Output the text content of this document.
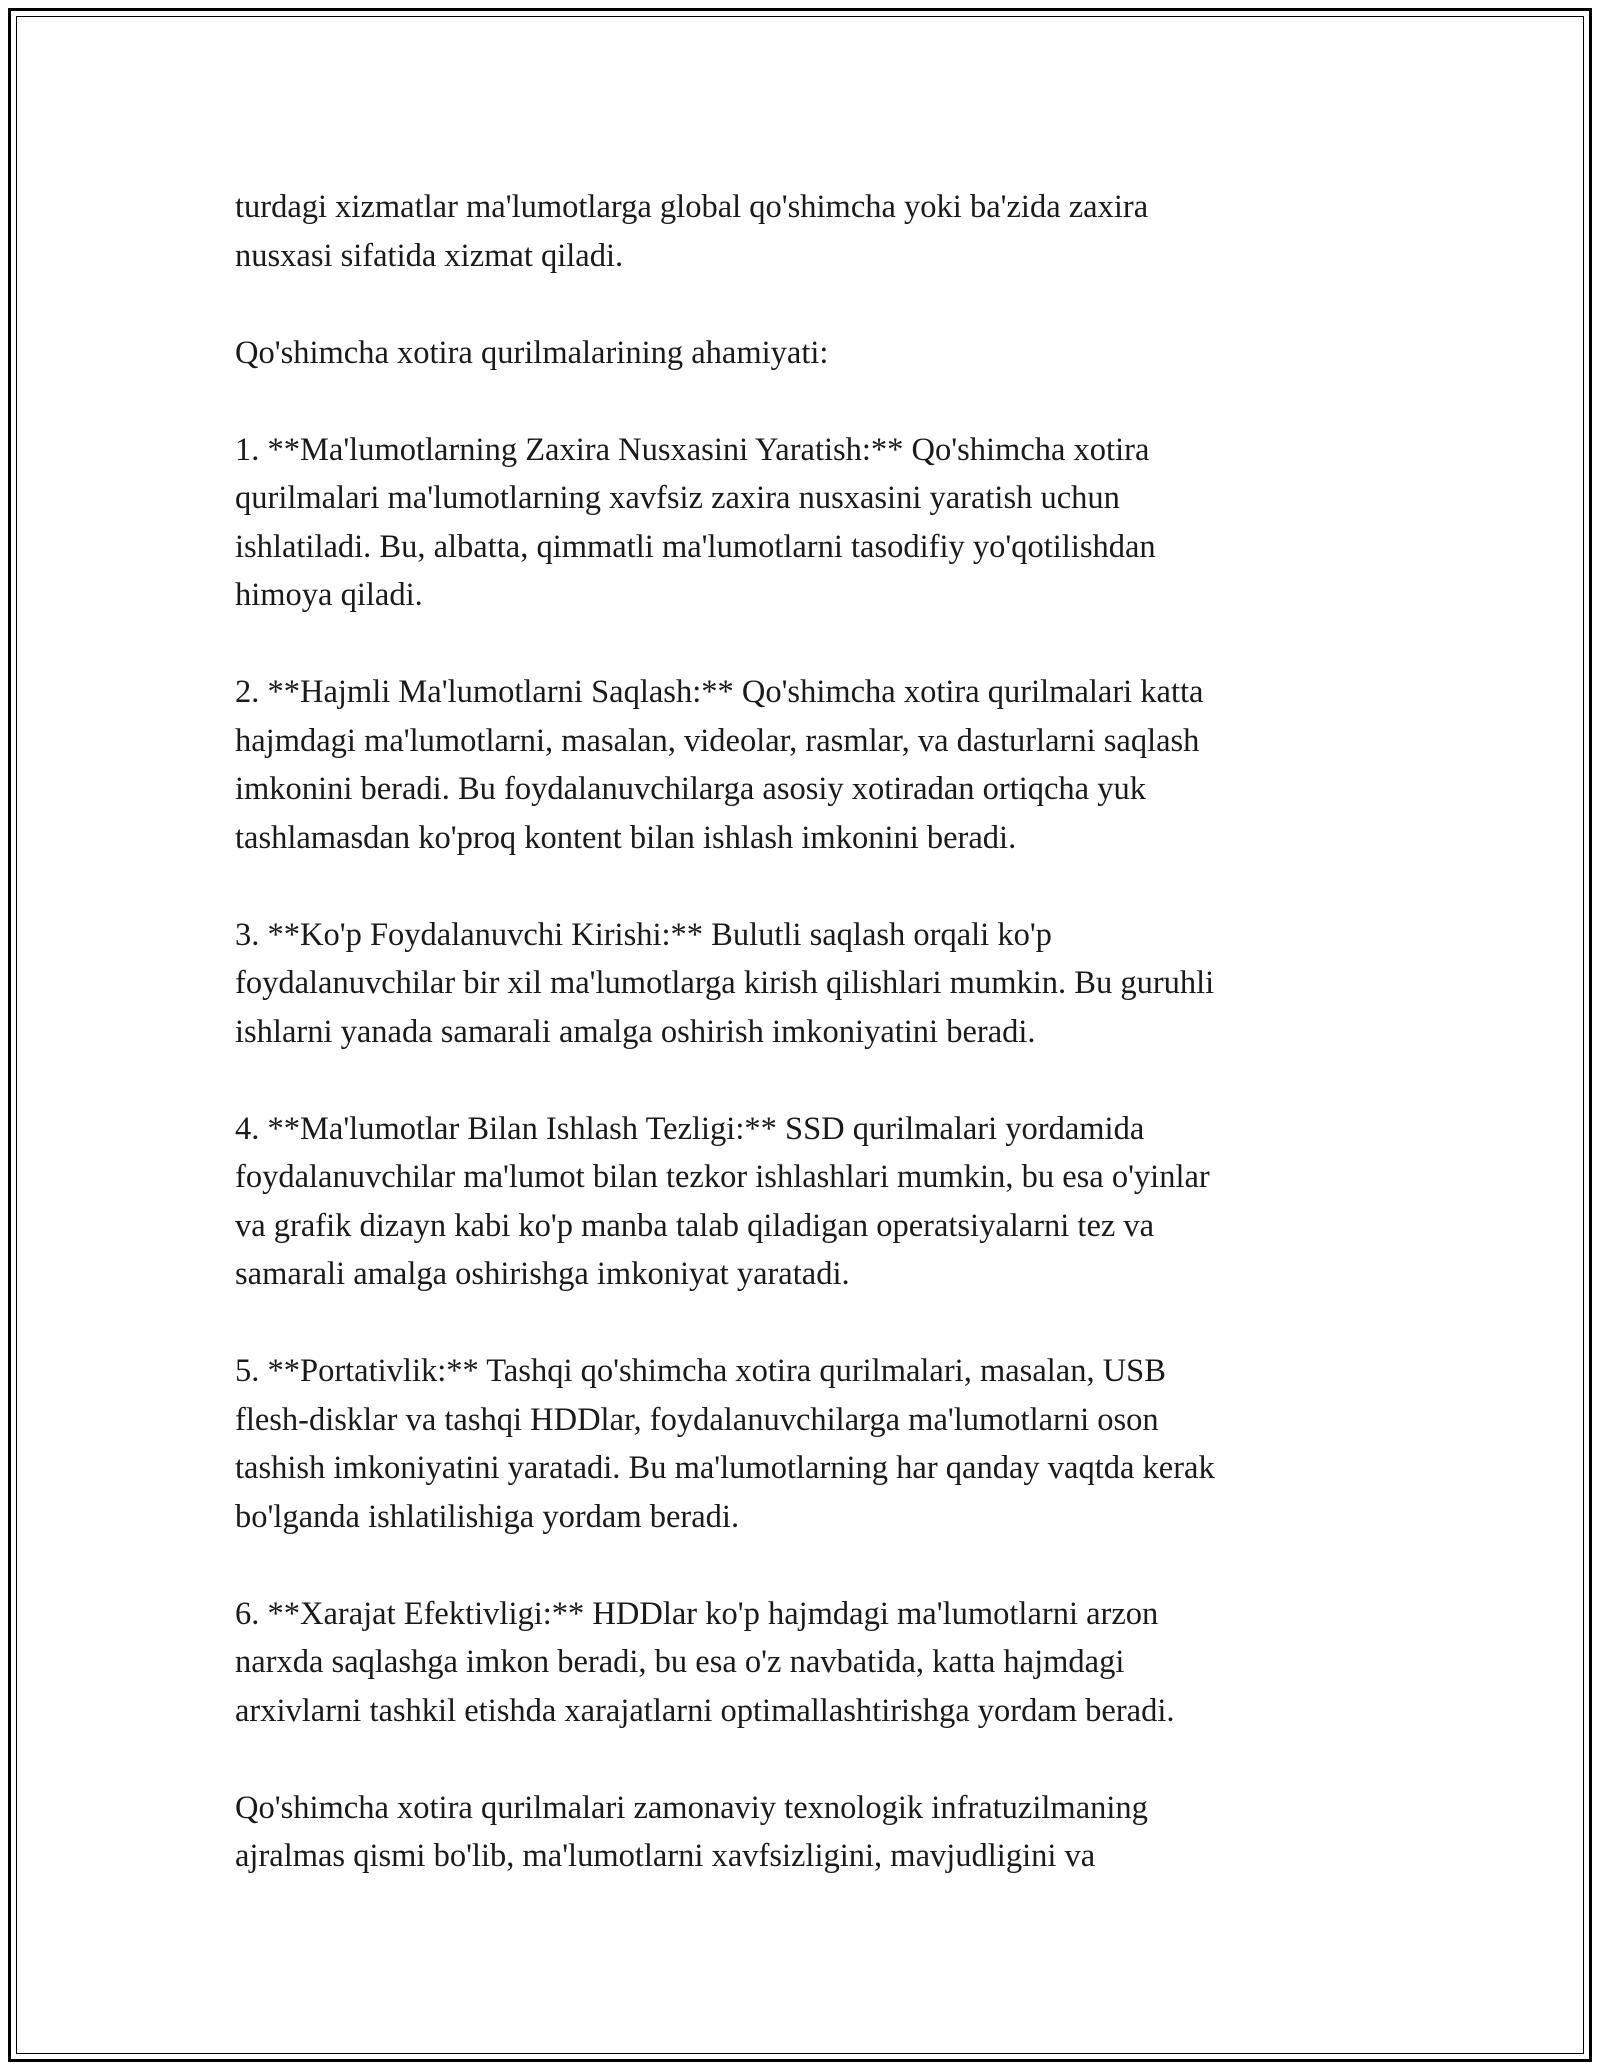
turdagi xizmatlar ma'lumotlarga global qo'shimcha yoki ba'zida zaxira
nusxasi sifatida xizmat qiladi.

Qo'shimcha xotira qurilmalarining ahamiyati:

1. **Ma'lumotlarning Zaxira Nusxasini Yaratish:** Qo'shimcha xotira
qurilmalari ma'lumotlarning xavfsiz zaxira nusxasini yaratish uchun
ishlatiladi. Bu, albatta, qimmatli ma'lumotlarni tasodifiy yo'qotilishdan
himoya qiladi.

2. **Hajmli Ma'lumotlarni Saqlash:** Qo'shimcha xotira qurilmalari katta
hajmdagi ma'lumotlarni, masalan, videolar, rasmlar, va dasturlarni saqlash
imkonini beradi. Bu foydalanuvchilarga asosiy xotiradan ortiqcha yuk
tashlamasdan ko'proq kontent bilan ishlash imkonini beradi.

3. **Ko'p Foydalanuvchi Kirishi:** Bulutli saqlash orqali ko'p
foydalanuvchilar bir xil ma'lumotlarga kirish qilishlari mumkin. Bu guruhli
ishlarni yanada samarali amalga oshirish imkoniyatini beradi.

4. **Ma'lumotlar Bilan Ishlash Tezligi:** SSD qurilmalari yordamida
foydalanuvchilar ma'lumot bilan tezkor ishlashlari mumkin, bu esa o'yinlar
va grafik dizayn kabi ko'p manba talab qiladigan operatsiyalarni tez va
samarali amalga oshirishga imkoniyat yaratadi.

5. **Portativlik:** Tashqi qo'shimcha xotira qurilmalari, masalan, USB
flesh-disklar va tashqi HDDlar, foydalanuvchilarga ma'lumotlarni oson
tashish imkoniyatini yaratadi. Bu ma'lumotlarning har qanday vaqtda kerak
bo'lganda ishlatilishiga yordam beradi.

6. **Xarajat Efektivligi:** HDDlar ko'p hajmdagi ma'lumotlarni arzon
narxda saqlashga imkon beradi, bu esa o'z navbatida, katta hajmdagi
arxivlarni tashkil etishda xarajatlarni optimallashtirishga yordam beradi.

Qo'shimcha xotira qurilmalari zamonaviy texnologik infratuzilmaning
ajralmas qismi bo'lib, ma'lumotlarni xavfsizligini, mavjudligini va
